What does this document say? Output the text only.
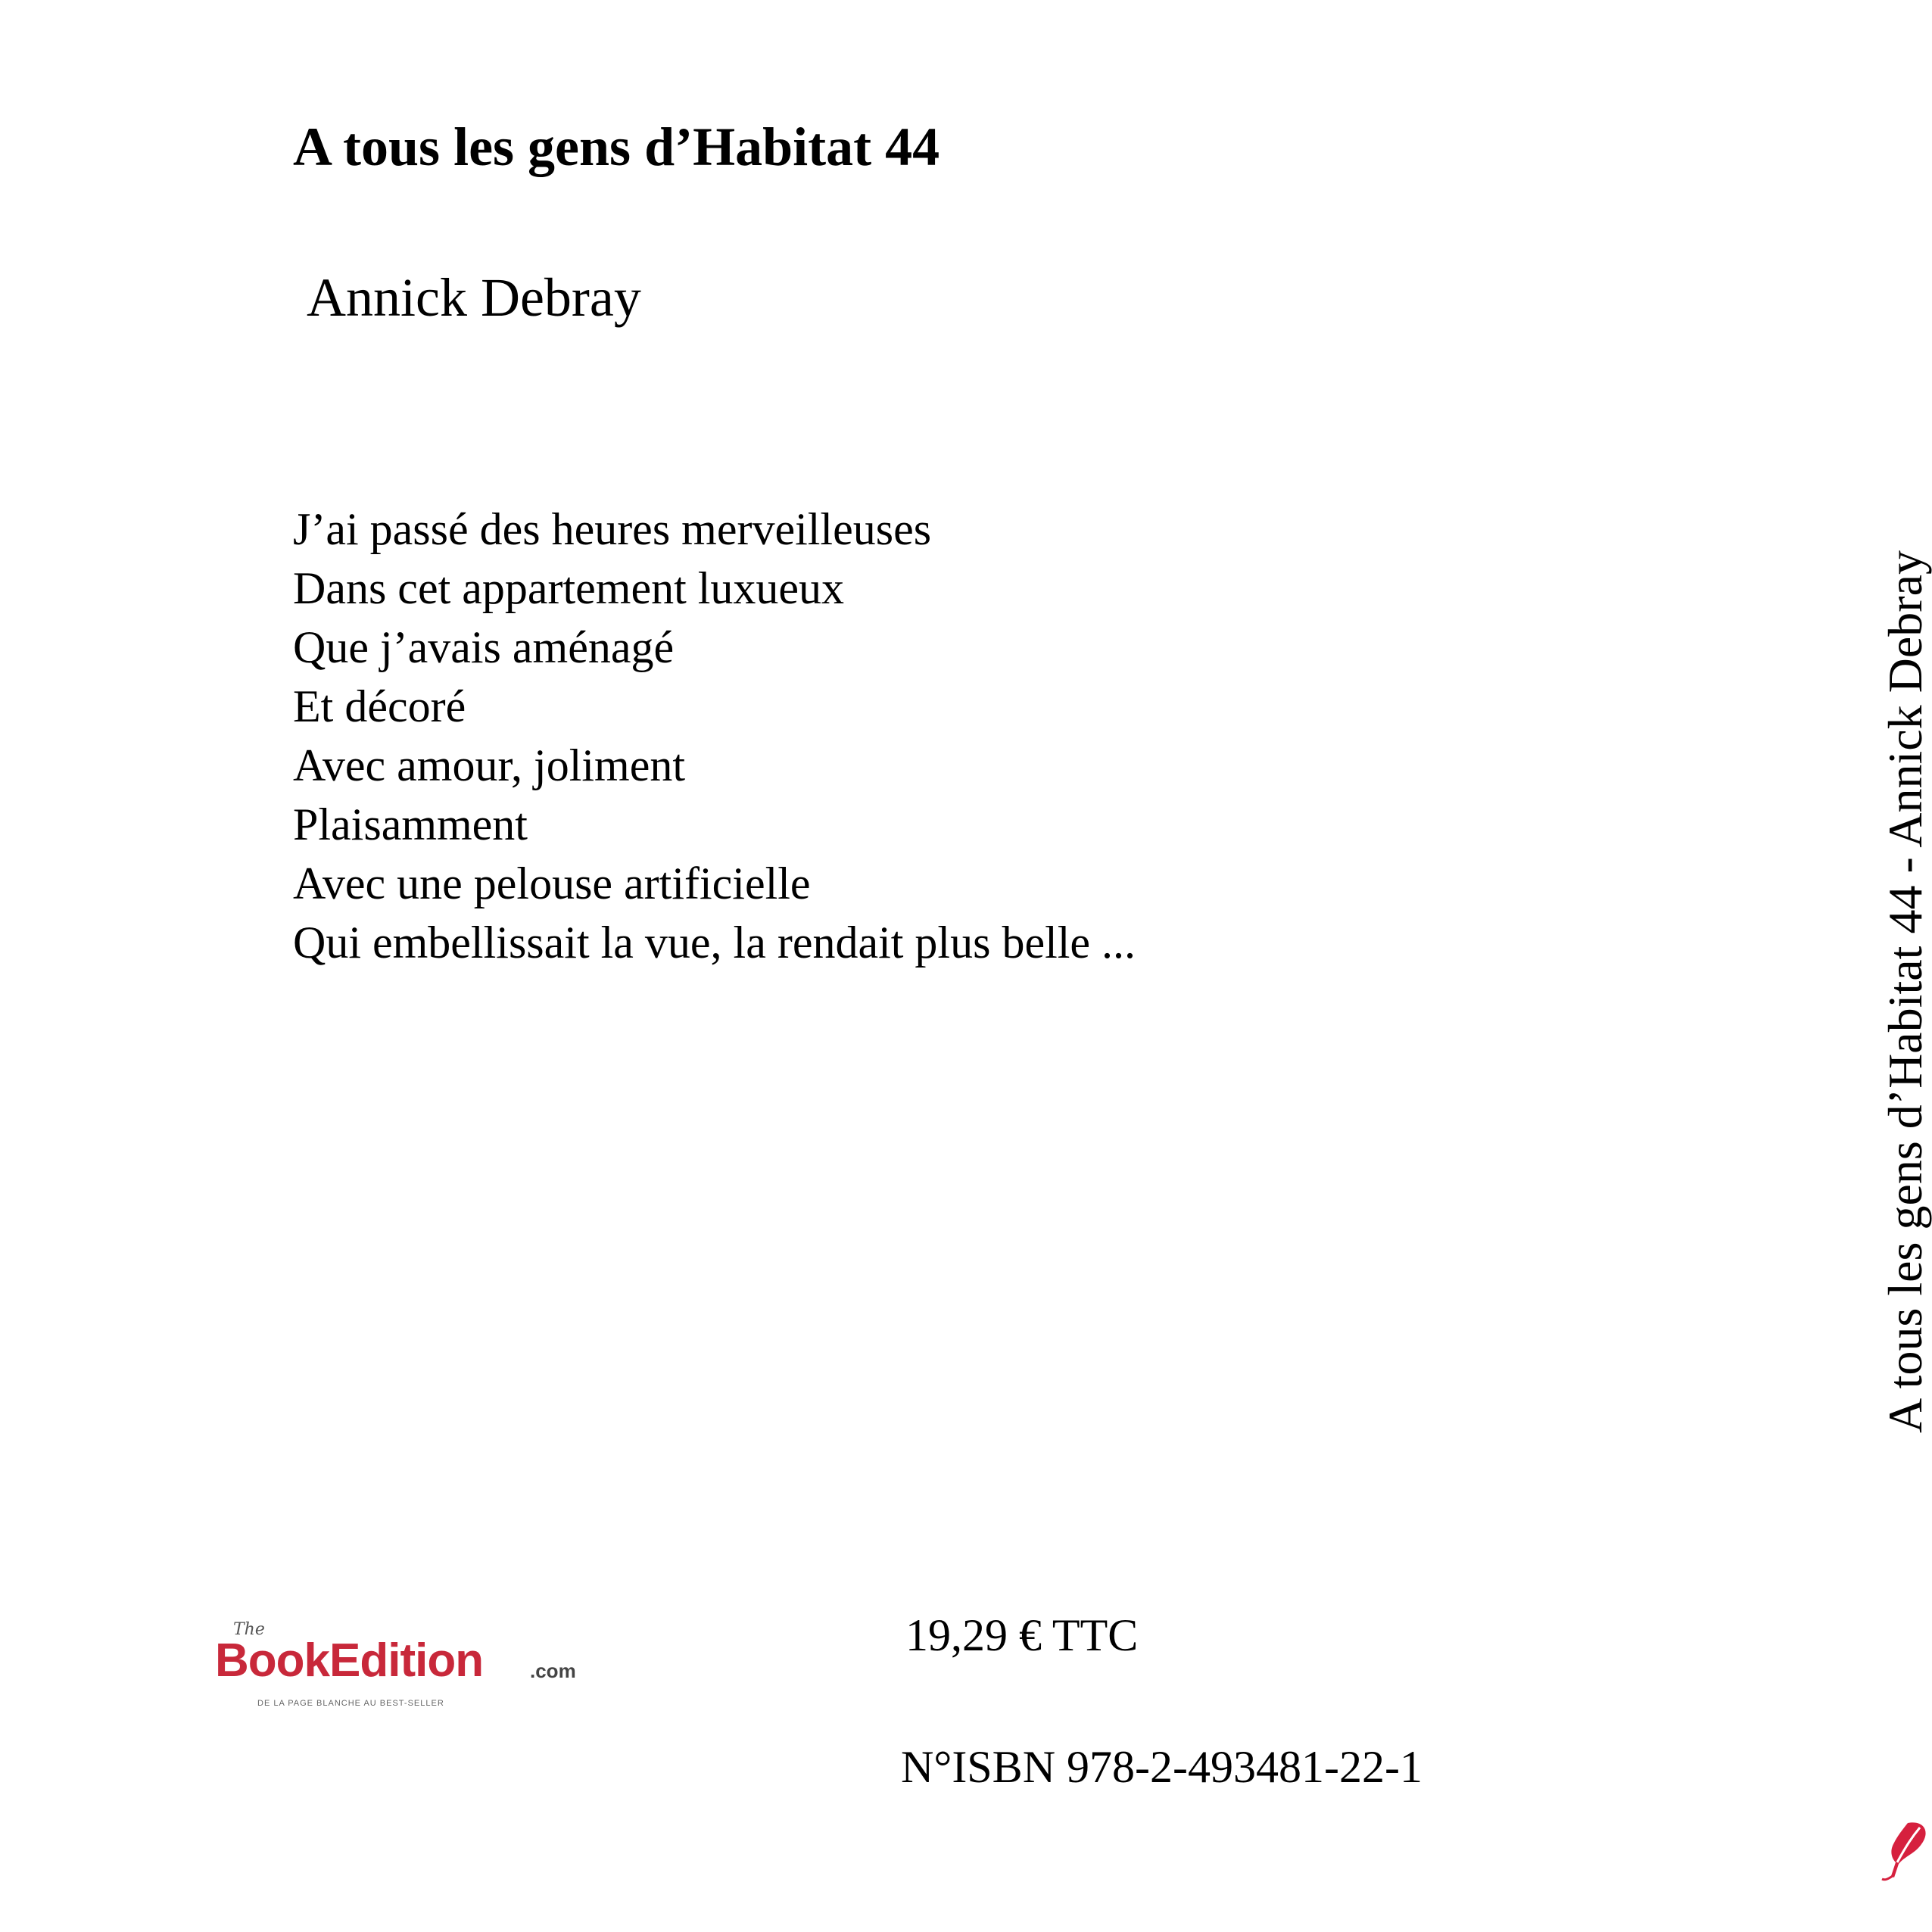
A tous les gens d’Habitat 44
Annick Debray
J’ai passé des heures merveilleuses
Dans cet appartement luxueux
Que j’avais aménagé
Et décoré
Avec amour, joliment
Plaisamment
Avec une pelouse artificielle
Qui embellissait la vue, la rendait plus belle ...	A tous les gens d’Habitat 44 - Annick Debray
The
BookEdition .com
DE LA PAGE BLANCHE AU BEST-SELLER
19,29 € TTC
N°ISBN 978-2-493481-22-1
